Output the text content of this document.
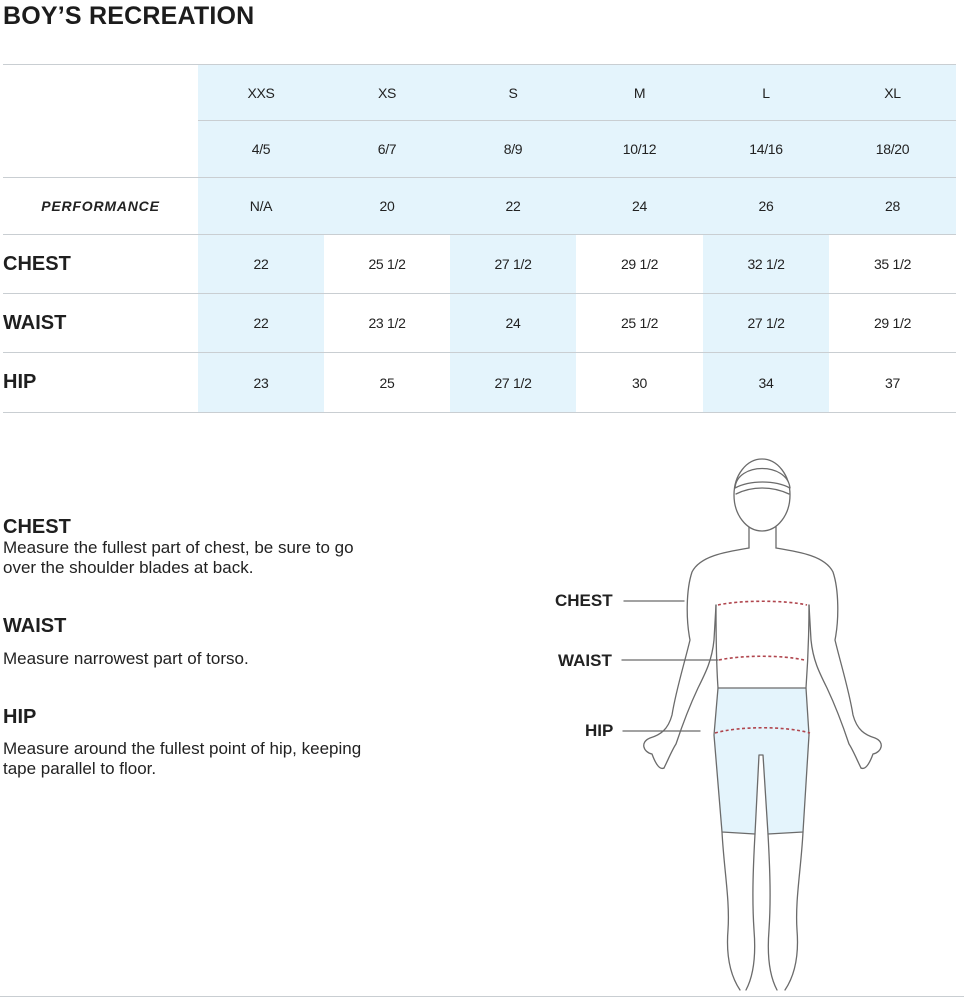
BOY’S RECREATION
XXS	XS	S	M	L	XL
4/5	6/7	8/9	10/12	14/16	18/20
PERFORMANCE	N/A	20	22	24	26	28
CHEST	22	25 1/2	27 1/2	29 1/2	32 1/2	35 1/2
WAIST	22	23 1/2	24	25 1/2	27 1/2	29 1/2
HIP	23	25	27 1/2	30	34	37
CHEST
Measure the fullest part of chest, be sure to go over the shoulder blades at back.
WAIST
Measure narrowest part of torso.
HIP
Measure around the fullest point of hip, keeping tape parallel to floor.
CHEST
WAIST
HIP
